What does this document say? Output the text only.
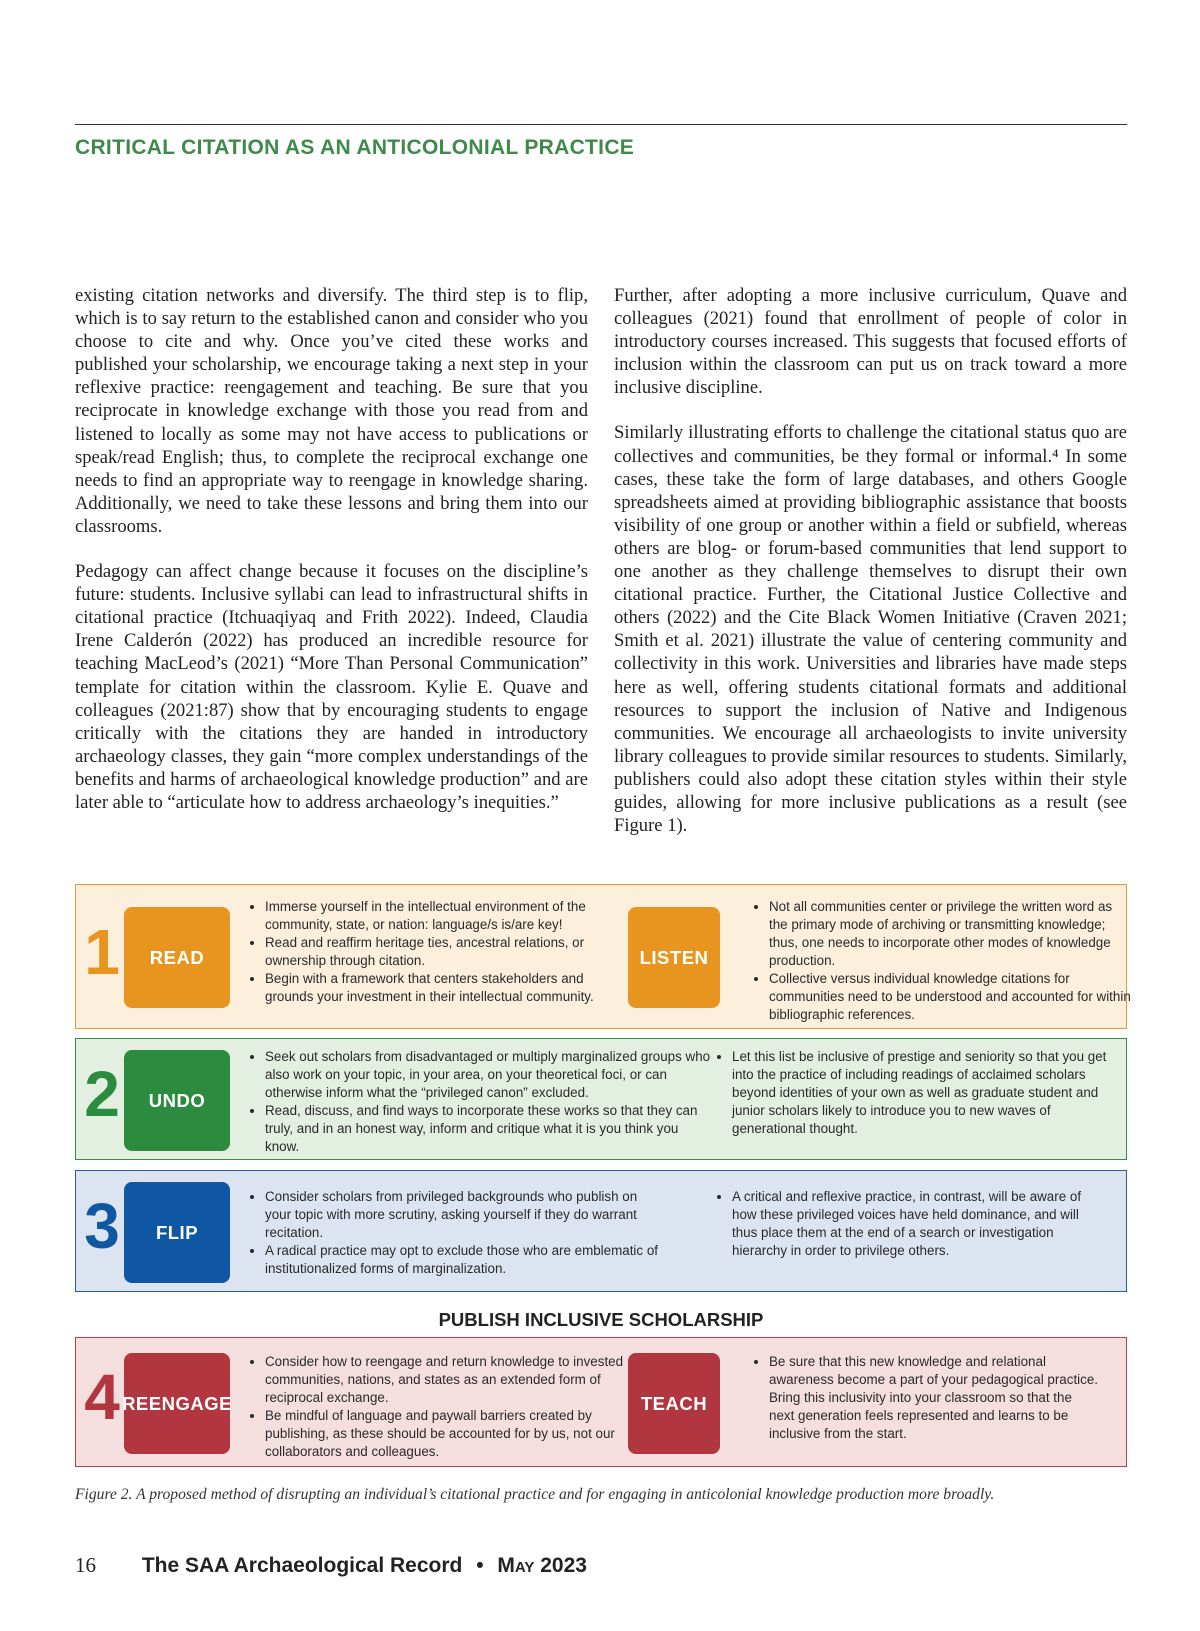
CRITICAL CITATION AS AN ANTICOLONIAL PRACTICE

existing citation networks and diversify. The third step is to flip, which is to say return to the established canon and consider who you choose to cite and why. Once you’ve cited these works and published your scholarship, we encourage taking a next step in your reflexive practice: reengagement and teaching. Be sure that you reciprocate in knowledge exchange with those you read from and listened to locally as some may not have access to publications or speak/read English; thus, to complete the reciprocal exchange one needs to find an appropriate way to reengage in knowledge sharing. Additionally, we need to take these lessons and bring them into our classrooms.

Pedagogy can affect change because it focuses on the discipline’s future: students. Inclusive syllabi can lead to infrastructural shifts in citational practice (Itchuaqiyaq and Frith 2022). Indeed, Claudia Irene Calderón (2022) has produced an incredible resource for teaching MacLeod’s (2021) “More Than Personal Communication” template for citation within the classroom. Kylie E. Quave and colleagues (2021:87) show that by encouraging students to engage critically with the citations they are handed in introductory archaeology classes, they gain “more complex understandings of the benefits and harms of archaeological knowledge production” and are later able to “articulate how to address archaeology’s inequities.”

Further, after adopting a more inclusive curriculum, Quave and colleagues (2021) found that enrollment of people of color in introductory courses increased. This suggests that focused efforts of inclusion within the classroom can put us on track toward a more inclusive discipline.

Similarly illustrating efforts to challenge the citational status quo are collectives and communities, be they formal or informal.⁴ In some cases, these take the form of large databases, and others Google spreadsheets aimed at providing bibliographic assistance that boosts visibility of one group or another within a field or subfield, whereas others are blog- or forum-based communities that lend support to one another as they challenge themselves to disrupt their own citational practice. Further, the Citational Justice Collective and others (2022) and the Cite Black Women Initiative (Craven 2021; Smith et al. 2021) illustrate the value of centering community and collectivity in this work. Universities and libraries have made steps here as well, offering students citational formats and additional resources to support the inclusion of Native and Indigenous communities. We encourage all archaeologists to invite university library colleagues to provide similar resources to students. Similarly, publishers could also adopt these citation styles within their style guides, allowing for more inclusive publications as a result (see Figure 1).

1	READ
• Immerse yourself in the intellectual environment of the community, state, or nation: language/s is/are key!
• Read and reaffirm heritage ties, ancestral relations, or ownership through citation.
• Begin with a framework that centers stakeholders and grounds your investment in their intellectual community.
LISTEN
• Not all communities center or privilege the written word as the primary mode of archiving or transmitting knowledge; thus, one needs to incorporate other modes of knowledge production.
• Collective versus individual knowledge citations for communities need to be understood and accounted for within bibliographic references.
2	UNDO
• Seek out scholars from disadvantaged or multiply marginalized groups who also work on your topic, in your area, on your theoretical foci, or can otherwise inform what the “privileged canon” excluded.
• Read, discuss, and find ways to incorporate these works so that they can truly, and in an honest way, inform and critique what it is you think you know.
• Let this list be inclusive of prestige and seniority so that you get into the practice of including readings of acclaimed scholars beyond identities of your own as well as graduate student and junior scholars likely to introduce you to new waves of generational thought.
3	FLIP
• Consider scholars from privileged backgrounds who publish on your topic with more scrutiny, asking yourself if they do warrant recitation.
• A radical practice may opt to exclude those who are emblematic of institutionalized forms of marginalization.
• A critical and reflexive practice, in contrast, will be aware of how these privileged voices have held dominance, and will thus place them at the end of a search or investigation hierarchy in order to privilege others.
PUBLISH INCLUSIVE SCHOLARSHIP
4 REENGAGE
• Consider how to reengage and return knowledge to invested communities, nations, and states as an extended form of reciprocal exchange.
• Be mindful of language and paywall barriers created by publishing, as these should be accounted for by us, not our collaborators and colleagues.
TEACH
• Be sure that this new knowledge and relational awareness become a part of your pedagogical practice. Bring this inclusivity into your classroom so that the next generation feels represented and learns to be inclusive from the start.
Figure 2. A proposed method of disrupting an individual’s citational practice and for engaging in anticolonial knowledge production more broadly.
16 The SAA Archaeological Record • May 2023
